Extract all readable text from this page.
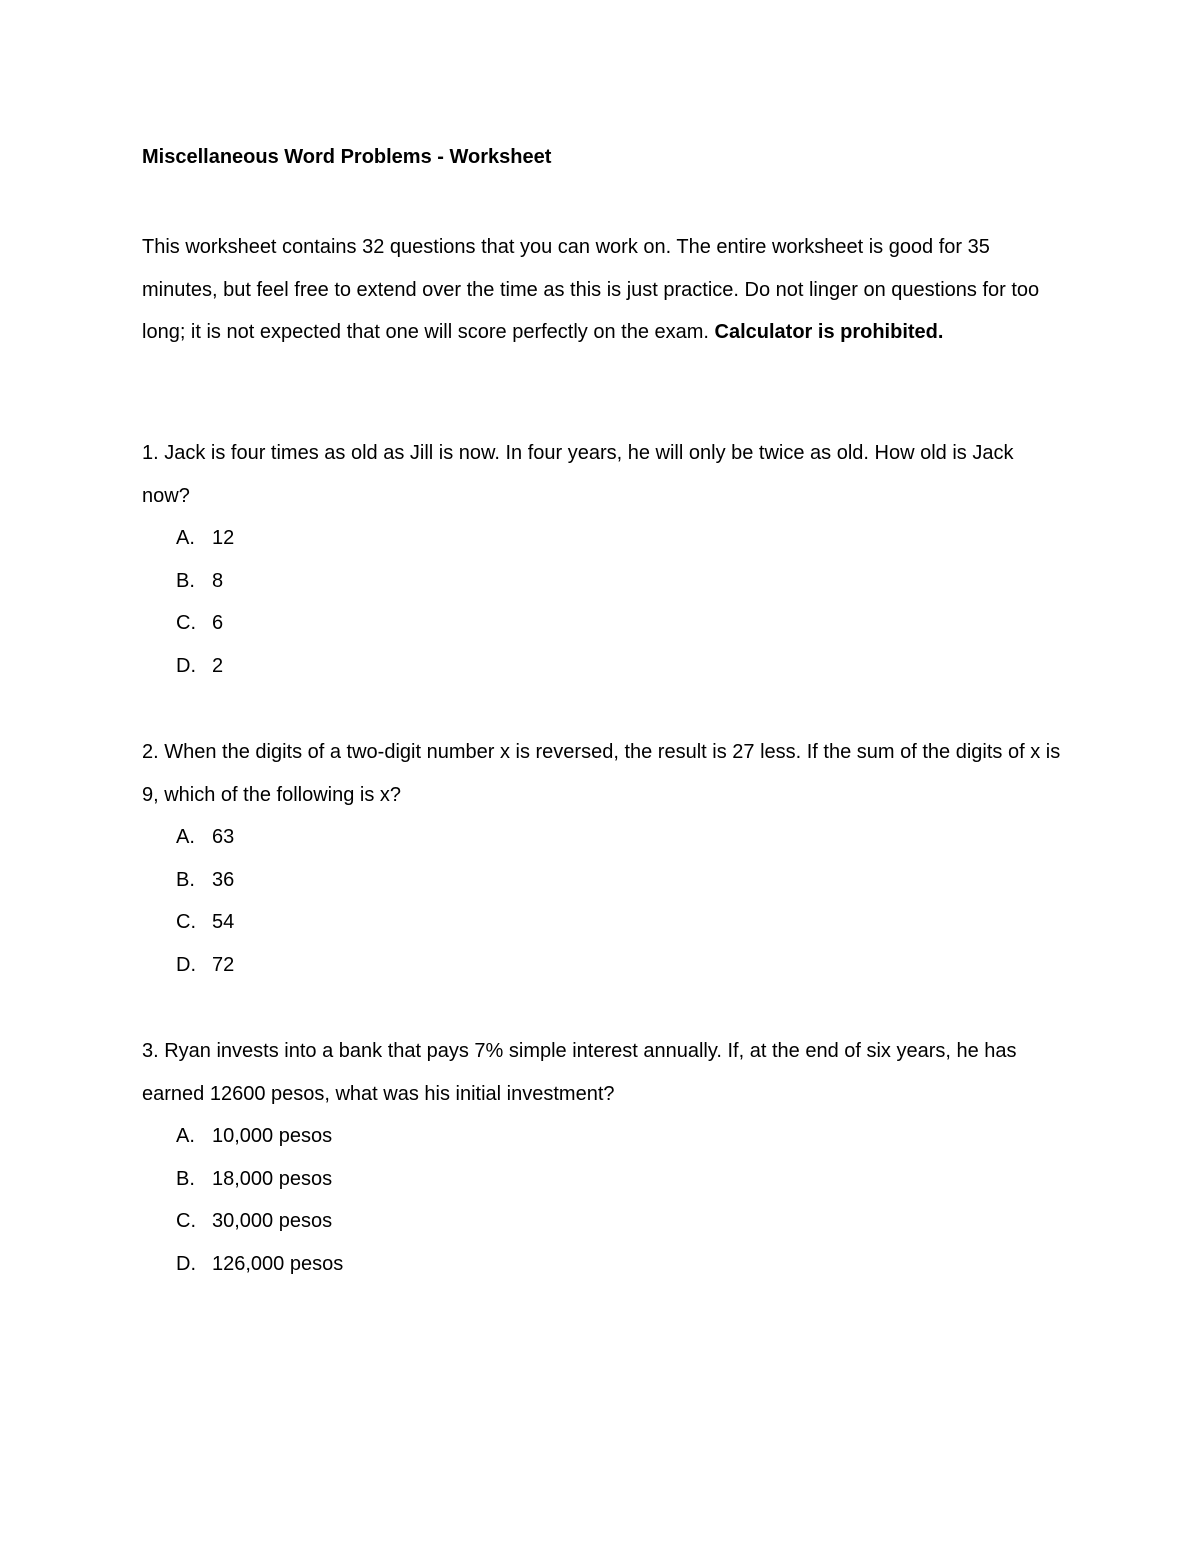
Miscellaneous Word Problems - Worksheet

This worksheet contains 32 questions that you can work on. The entire worksheet is good for 35 minutes, but feel free to extend over the time as this is just practice. Do not linger on questions for too long; it is not expected that one will score perfectly on the exam. Calculator is prohibited.

1. Jack is four times as old as Jill is now. In four years, he will only be twice as old. How old is Jack now?

A. 12
B. 8
C. 6
D. 2

2. When the digits of a two-digit number x is reversed, the result is 27 less. If the sum of the digits of x is 9, which of the following is x?

A. 63
B. 36
C. 54
D. 72

3. Ryan invests into a bank that pays 7% simple interest annually. If, at the end of six years, he has earned 12600 pesos, what was his initial investment?

A. 10,000 pesos
B. 18,000 pesos
C. 30,000 pesos
D. 126,000 pesos
